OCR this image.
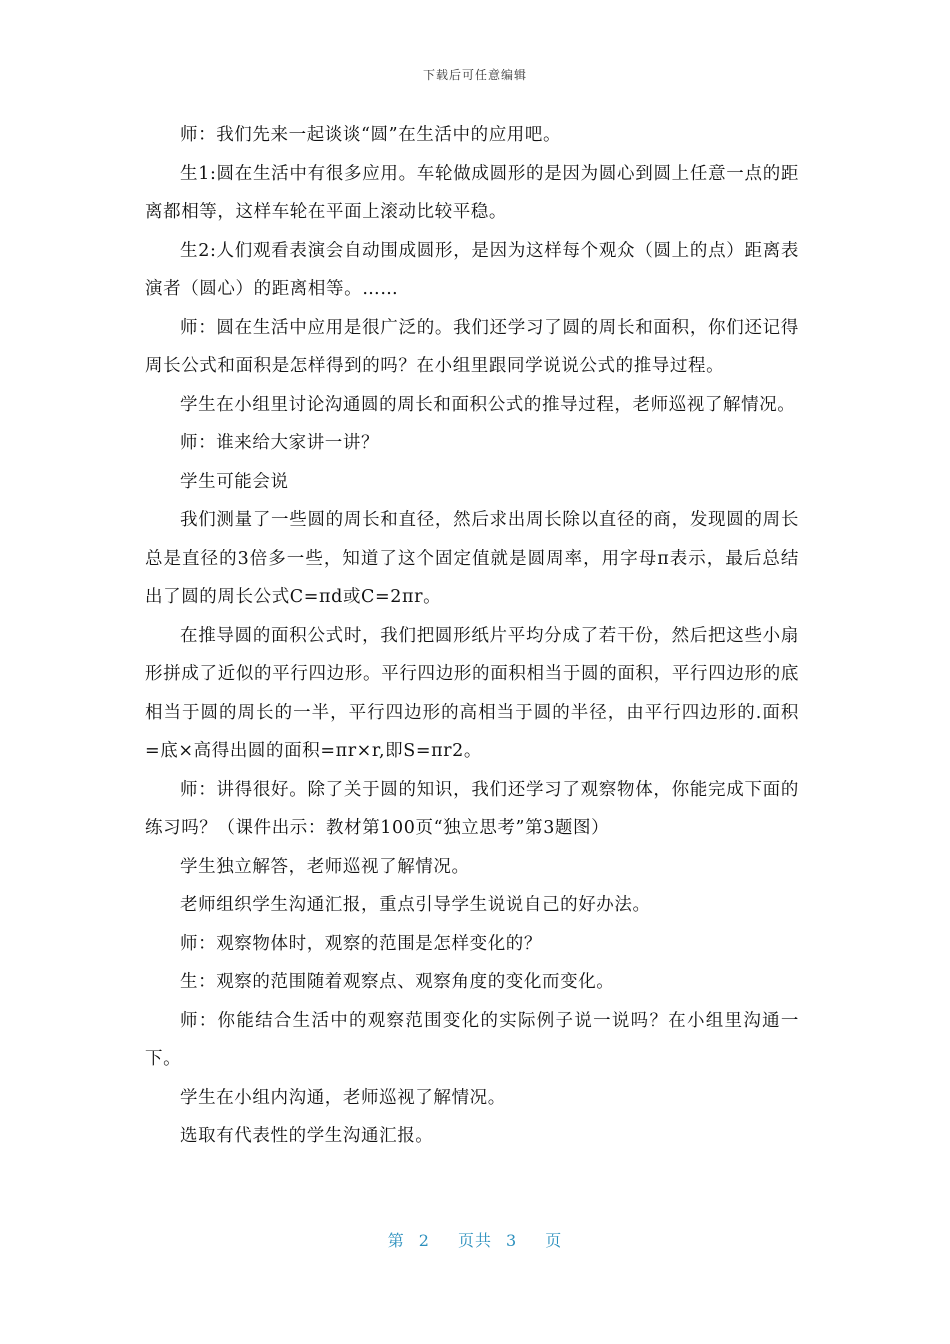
下载后可任意编辑

师：我们先来一起谈谈“圆”在生活中的应用吧。

生1:圆在生活中有很多应用。车轮做成圆形的是因为圆心到圆上任意一点的距离都相等，这样车轮在平面上滚动比较平稳。

生2:人们观看表演会自动围成圆形，是因为这样每个观众（圆上的点）距离表演者（圆心）的距离相等。……

师：圆在生活中应用是很广泛的。我们还学习了圆的周长和面积，你们还记得周长公式和面积是怎样得到的吗？在小组里跟同学说说公式的推导过程。

学生在小组里讨论沟通圆的周长和面积公式的推导过程，老师巡视了解情况。

师：谁来给大家讲一讲？

学生可能会说

我们测量了一些圆的周长和直径，然后求出周长除以直径的商，发现圆的周长总是直径的3倍多一些，知道了这个固定值就是圆周率，用字母π表示，最后总结出了圆的周长公式C=πd或C=2πr。

在推导圆的面积公式时，我们把圆形纸片平均分成了若干份，然后把这些小扇形拼成了近似的平行四边形。平行四边形的面积相当于圆的面积，平行四边形的底相当于圆的周长的一半，平行四边形的高相当于圆的半径，由平行四边形的.面积=底×高得出圆的面积=πr×r,即S=πr2。

师：讲得很好。除了关于圆的知识，我们还学习了观察物体，你能完成下面的练习吗？（课件出示：教材第100页“独立思考”第3题图）

学生独立解答，老师巡视了解情况。

老师组织学生沟通汇报，重点引导学生说说自己的好办法。

师：观察物体时，观察的范围是怎样变化的？

生：观察的范围随着观察点、观察角度的变化而变化。

师：你能结合生活中的观察范围变化的实际例子说一说吗？在小组里沟通一下。

学生在小组内沟通，老师巡视了解情况。

选取有代表性的学生沟通汇报。

第 2 页共 3 页
